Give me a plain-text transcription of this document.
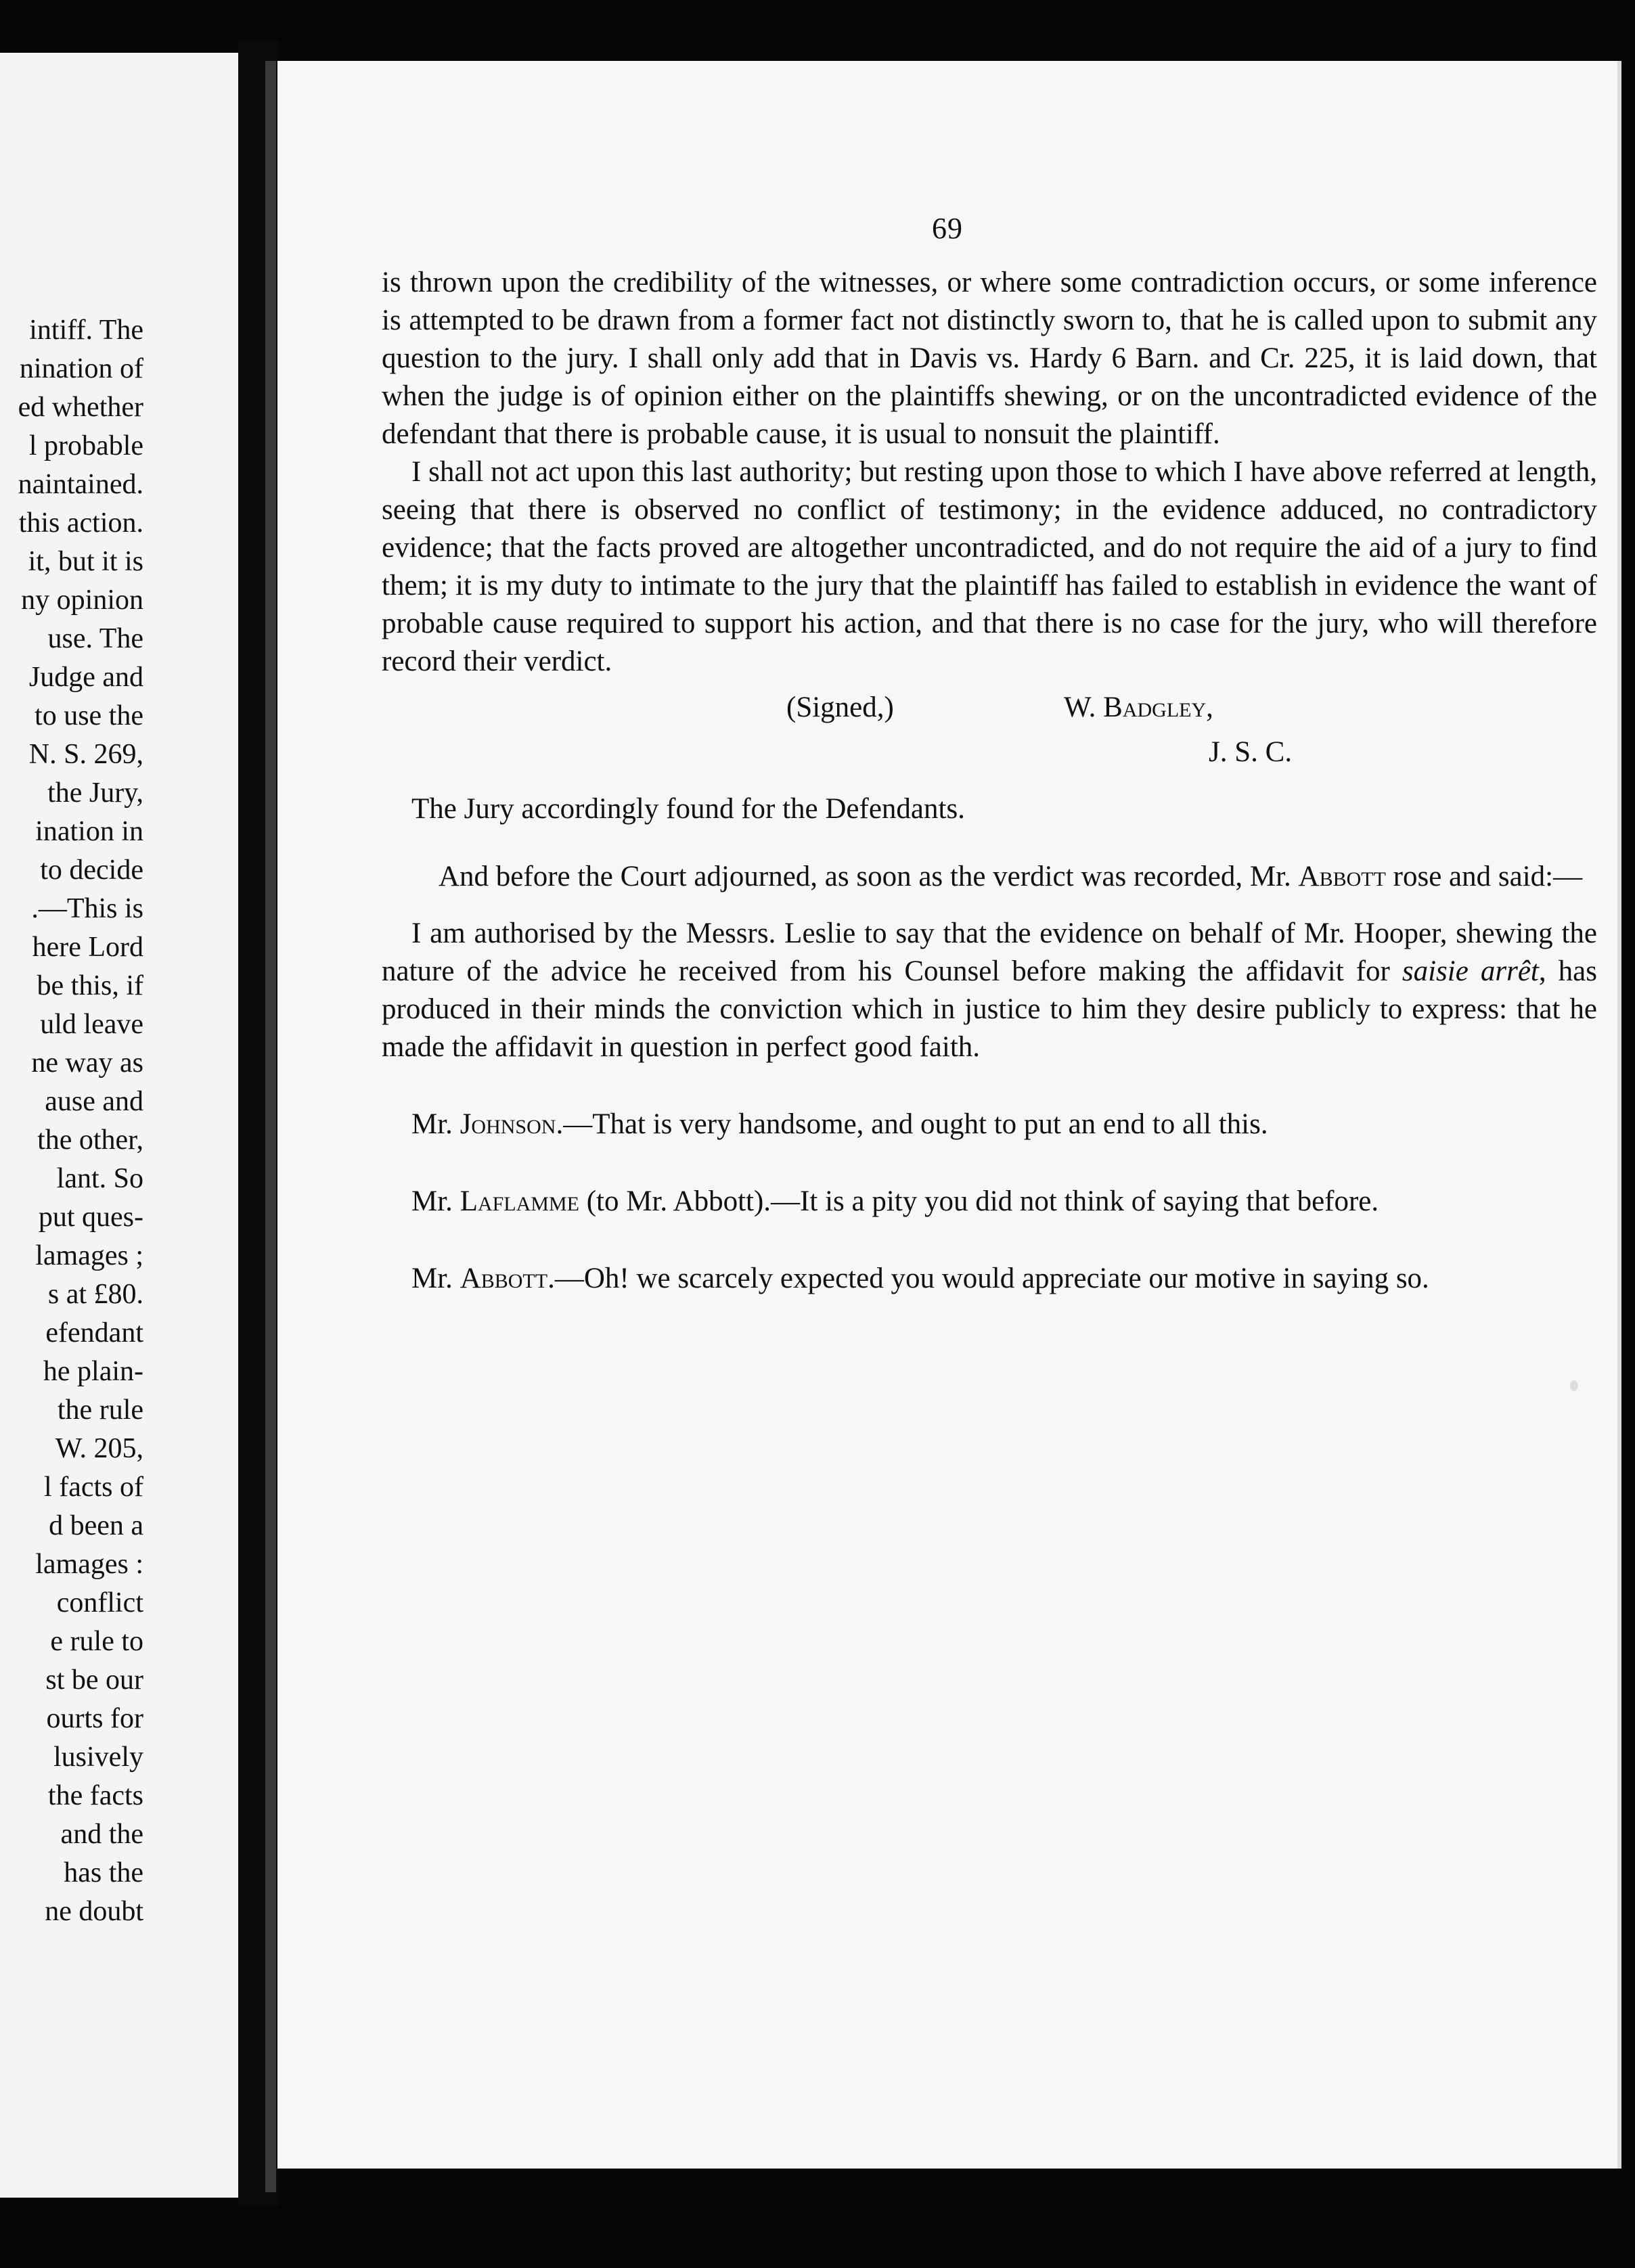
intiff. The
nination of
ed whether
l probable
naintained.
this action.
it, but it is
ny opinion
use. The
Judge and
to use the
N. S. 269,
the Jury,
ination in
to decide
.—This is
here Lord
be this, if
uld leave
ne way as
ause and
the other,
lant. So
put ques-
lamages ;
s at £80.
efendant
he plain-
the rule
W. 205,
l facts of
d been a
lamages :
conflict
e rule to
st be our
ourts for
lusively
the facts
and the
has the
ne doubt

69

is thrown upon the credibility of the witnesses, or where some contradiction occurs, or some inference is attempted to be drawn from a former fact not distinctly sworn to, that he is called upon to submit any question to the jury. I shall only add that in Davis vs. Hardy 6 Barn. and Cr. 225, it is laid down, that when the judge is of opinion either on the plaintiffs shewing, or on the uncontradicted evidence of the defendant that there is probable cause, it is usual to nonsuit the plaintiff.

I shall not act upon this last authority; but resting upon those to which I have above referred at length, seeing that there is observed no conflict of testimony; in the evidence adduced, no contradictory evidence; that the facts proved are altogether uncontradicted, and do not require the aid of a jury to find them; it is my duty to intimate to the jury that the plaintiff has failed to establish in evidence the want of probable cause required to support his action, and that there is no case for the jury, who will therefore record their verdict.

(Signed,)	W. Badgley,

J. S. C.

The Jury accordingly found for the Defendants.

And before the Court adjourned, as soon as the verdict was recorded, Mr. Abbott rose and said:—

I am authorised by the Messrs. Leslie to say that the evidence on behalf of Mr. Hooper, shewing the nature of the advice he received from his Counsel before making the affidavit for saisie arrêt, has produced in their minds the conviction which in justice to him they desire publicly to express: that he made the affidavit in question in perfect good faith.

Mr. Johnson.—That is very handsome, and ought to put an end to all this.

Mr. Laflamme (to Mr. Abbott).—It is a pity you did not think of saying that before.

Mr. Abbott.—Oh! we scarcely expected you would appreciate our motive in saying so.
